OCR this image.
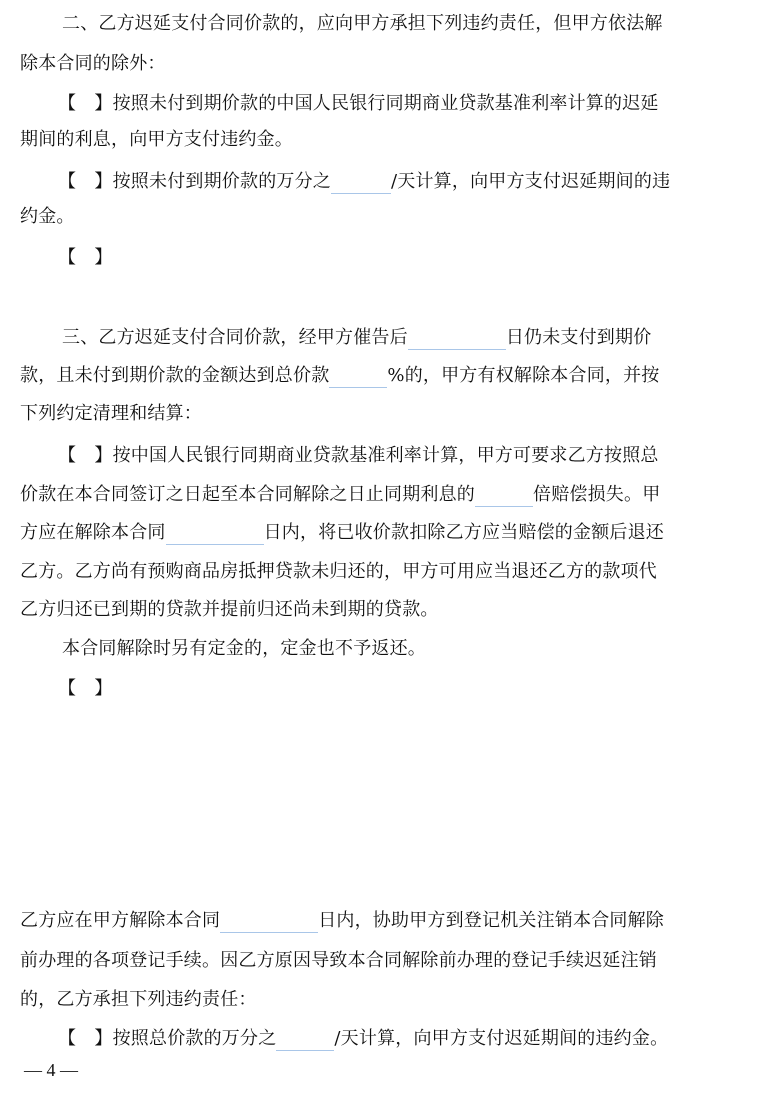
二、乙方迟延支付合同价款的，应向甲方承担下列违约责任，但甲方依法解
除本合同的除外：
【　】按照未付到期价款的中国人民银行同期商业贷款基准利率计算的迟延
期间的利息，向甲方支付违约金。
【　】按照未付到期价款的万分之	/天计算，向甲方支付迟延期间的违
约金。
【　】
三、乙方迟延支付合同价款，经甲方催告后	日仍未支付到期价
款，且未付到期价款的金额达到总价款	%的，甲方有权解除本合同，并按
下列约定清理和结算：
【　】按中国人民银行同期商业贷款基准利率计算，甲方可要求乙方按照总
价款在本合同签订之日起至本合同解除之日止同期利息的	倍赔偿损失。甲
方应在解除本合同	日内，将已收价款扣除乙方应当赔偿的金额后退还
乙方。乙方尚有预购商品房抵押贷款未归还的，甲方可用应当退还乙方的款项代
乙方归还已到期的贷款并提前归还尚未到期的贷款。
本合同解除时另有定金的，定金也不予返还。
【　】
乙方应在甲方解除本合同	日内，协助甲方到登记机关注销本合同解除
前办理的各项登记手续。因乙方原因导致本合同解除前办理的登记手续迟延注销
的，乙方承担下列违约责任：
【　】按照总价款的万分之	/天计算，向甲方支付迟延期间的违约金。
— 4 —
